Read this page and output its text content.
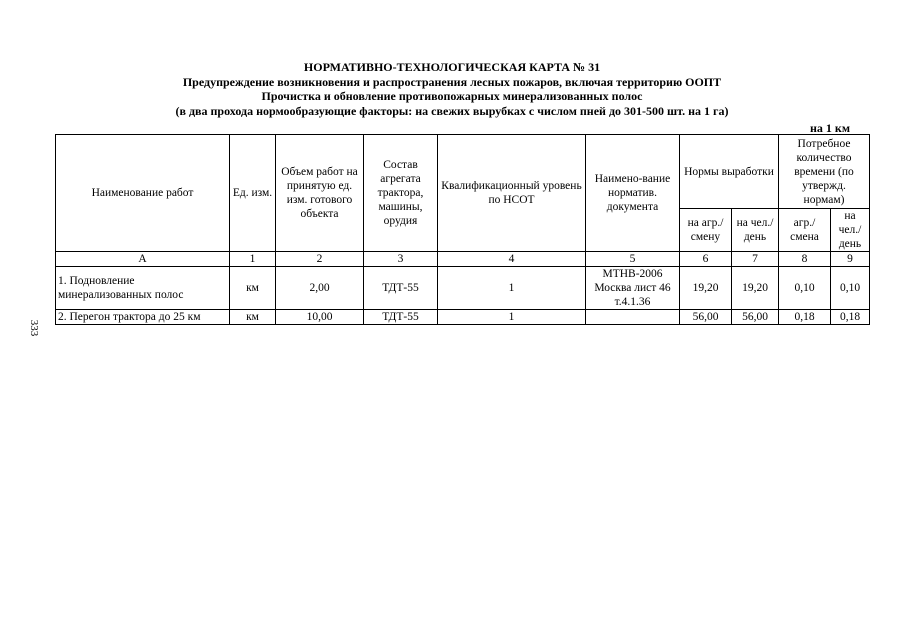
НОРМАТИВНО-ТЕХНОЛОГИЧЕСКАЯ КАРТА № 31
Предупреждение возникновения и распространения лесных пожаров, включая территорию ООПТ
Прочистка и обновление противопожарных минерализованных полос
(в два прохода нормообразующие факторы: на свежих вырубках с числом пней до 301-500 шт. на 1 га)
на 1 км
333
Наименование работ	Ед. изм.	Объем работ на принятую ед. изм. готового объекта	Состав агрегата трактора, машины, орудия	Квалификационный уровень по НСОТ	Наимено-вание норматив. документа	Нормы выработки		Потребное количество времени (по утвержд. нормам)	
						на агр./ смену	на чел./ день	агр./ смена	на чел./ день
А	1	2	3	4	5	6	7	8	9
1. Подновление минерализованных полос	км	2,00	ТДТ-55	1	МТНВ-2006 Москва лист 46 т.4.1.36	19,20	19,20	0,10	0,10
2. Перегон трактора до 25 км	км	10,00	ТДТ-55	1		56,00	56,00	0,18	0,18
